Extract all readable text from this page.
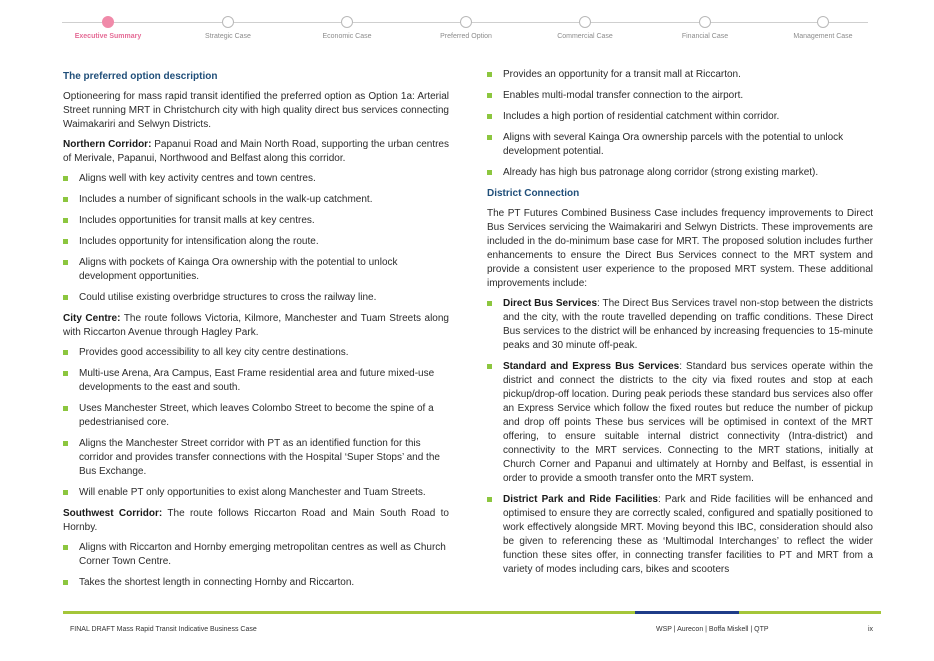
Executive Summary	Strategic Case	Economic Case	Preferred Option	Commercial Case	Financial Case	Management Case
The preferred option description

Optioneering for mass rapid transit identified the preferred option as Option 1a: Arterial Street running MRT in Christchurch city with high quality direct bus services connecting Waimakariri and Selwyn Districts.

Northern Corridor: Papanui Road and Main North Road, supporting the urban centres of Merivale, Papanui, Northwood and Belfast along this corridor.

Aligns well with key activity centres and town centres.
Includes a number of significant schools in the walk-up catchment.
Includes opportunities for transit malls at key centres.
Includes opportunity for intensification along the route.
Aligns with pockets of Kainga Ora ownership with the potential to unlock development opportunities.
Could utilise existing overbridge structures to cross the railway line.

City Centre: The route follows Victoria, Kilmore, Manchester and Tuam Streets along with Riccarton Avenue through Hagley Park.

Provides good accessibility to all key city centre destinations.
Multi-use Arena, Ara Campus, East Frame residential area and future mixed-use developments to the east and south.
Uses Manchester Street, which leaves Colombo Street to become the spine of a pedestrianised core.
Aligns the Manchester Street corridor with PT as an identified function for this corridor and provides transfer connections with the Hospital ‘Super Stops’ and the Bus Exchange.
Will enable PT only opportunities to exist along Manchester and Tuam Streets.

Southwest Corridor: The route follows Riccarton Road and Main South Road to Hornby.

Aligns with Riccarton and Hornby emerging metropolitan centres as well as Church Corner Town Centre.
Takes the shortest length in connecting Hornby and Riccarton.
Provides an opportunity for a transit mall at Riccarton.
Enables multi-modal transfer connection to the airport.
Includes a high portion of residential catchment within corridor.
Aligns with several Kainga Ora ownership parcels with the potential to unlock development potential.
Already has high bus patronage along corridor (strong existing market).
District Connection

The PT Futures Combined Business Case includes frequency improvements to Direct Bus Services servicing the Waimakariri and Selwyn Districts. These improvements are included in the do-minimum base case for MRT. The proposed solution includes further enhancements to ensure the Direct Bus Services connect to the MRT system and provide a consistent user experience to the proposed MRT system. These additional improvements include:

Direct Bus Services: The Direct Bus Services travel non-stop between the districts and the city, with the route travelled depending on traffic conditions. These Direct Bus services to the district will be enhanced by increasing frequencies to 15-minute peaks and 30 minute off-peak.
Standard and Express Bus Services: Standard bus services operate within the district and connect the districts to the city via fixed routes and stop at each pickup/drop-off location. During peak periods these standard bus services also offer an Express Service which follow the fixed routes but reduce the number of pickup and drop off points These bus services will be optimised in context of the MRT offering, to ensure suitable internal district connectivity (Intra-district) and connectivity to the MRT services. Connecting to the MRT stations, initially at Church Corner and Papanui and ultimately at Hornby and Belfast, is essential in order to provide a smooth transfer onto the MRT system.
District Park and Ride Facilities: Park and Ride facilities will be enhanced and optimised to ensure they are correctly scaled, configured and spatially positioned to work effectively alongside MRT. Moving beyond this IBC, consideration should also be given to referencing these as ‘Multimodal Interchanges’ to reflect the wider function these sites offer, in connecting transfer facilities to PT and MRT from a variety of modes including cars, bikes and scooters
FINAL DRAFT Mass Rapid Transit Indicative Business Case	WSP | Aurecon | Boffa Miskell | QTP	ix
